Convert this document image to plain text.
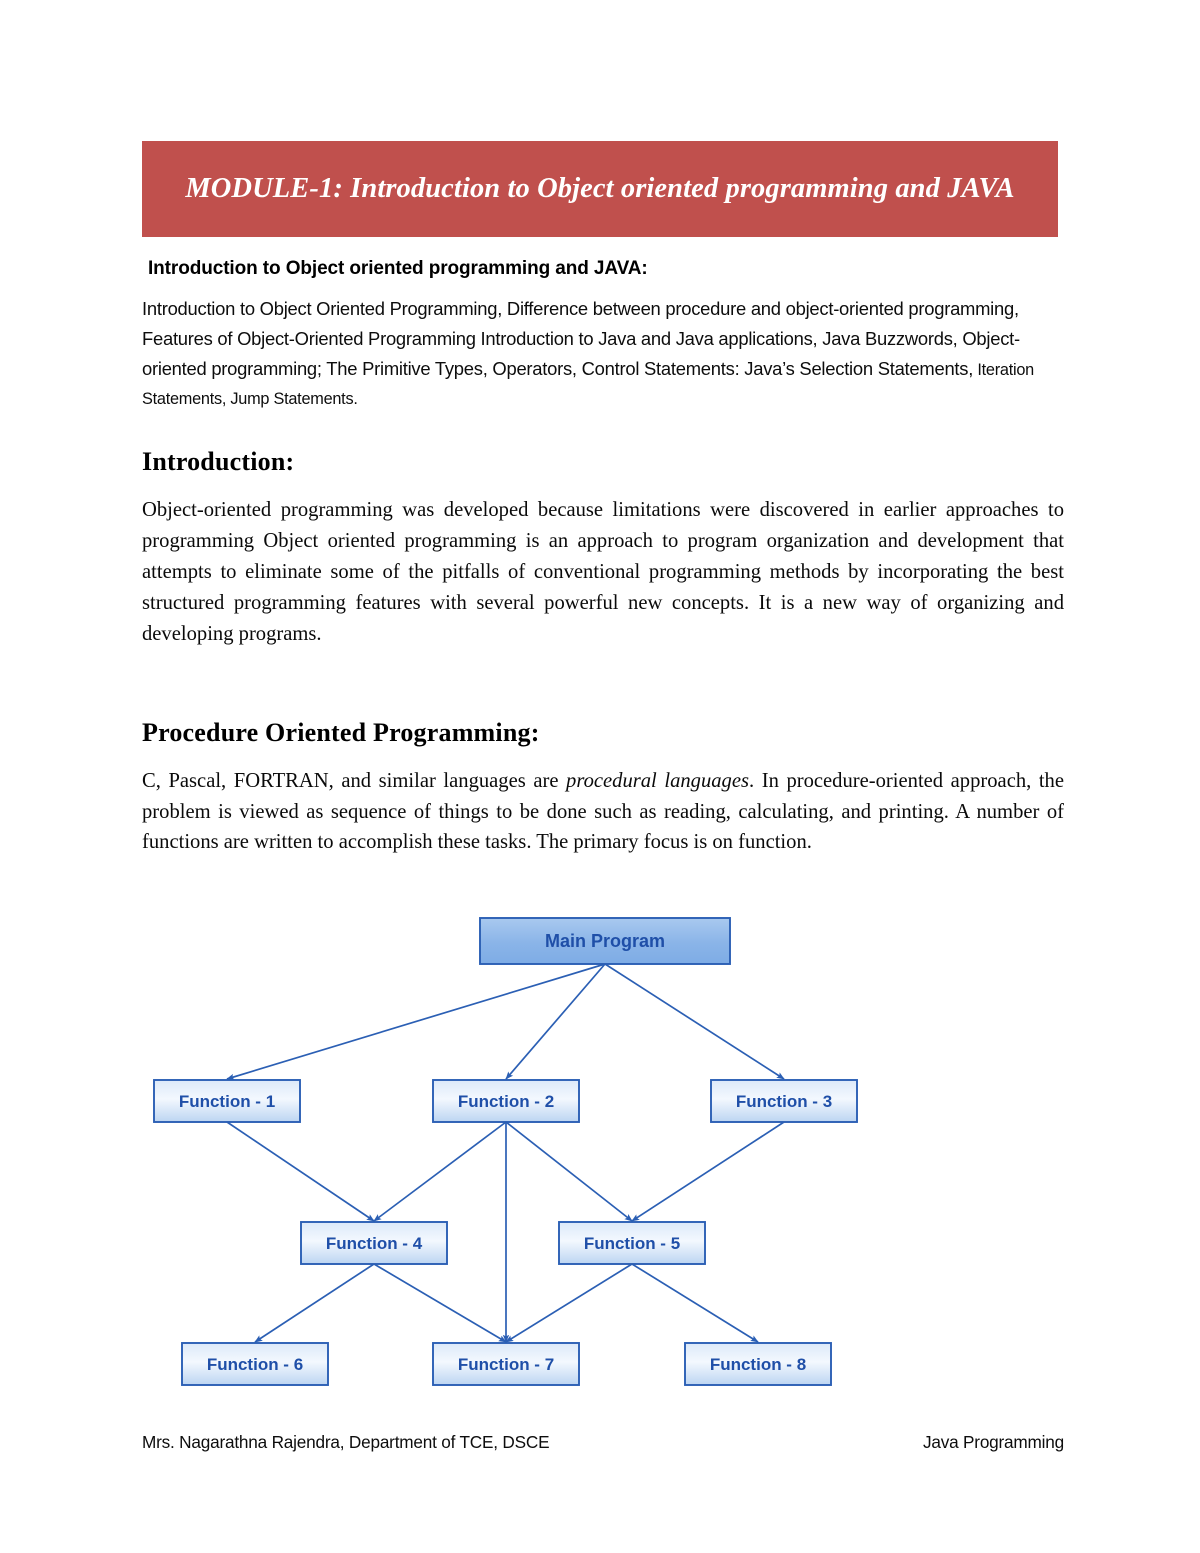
MODULE-1: Introduction to Object oriented programming and JAVA
Introduction to Object oriented programming and JAVA:

Introduction to Object Oriented Programming, Difference between procedure and object-oriented programming, Features of Object-Oriented Programming Introduction to Java and Java applications, Java Buzzwords, Object-oriented programming; The Primitive Types, Operators, Control Statements: Java’s Selection Statements, Iteration Statements, Jump Statements.

Introduction:

Object-oriented programming was developed because limitations were discovered in earlier approaches to programming Object oriented programming is an approach to program organization and development that attempts to eliminate some of the pitfalls of conventional programming methods by incorporating the best structured programming features with several powerful new concepts. It is a new way of organizing and developing programs.

Procedure Oriented Programming:

C, Pascal, FORTRAN, and similar languages are procedural languages. In procedure-oriented approach, the problem is viewed as sequence of things to be done such as reading, calculating, and printing. A number of functions are written to accomplish these tasks. The primary focus is on function.

Main Program
Function - 1	Function - 2	Function - 3
Function - 4	Function - 5
Function - 6	Function - 7	Function - 8
Mrs. Nagarathna Rajendra, Department of TCE, DSCE	Java Programming
